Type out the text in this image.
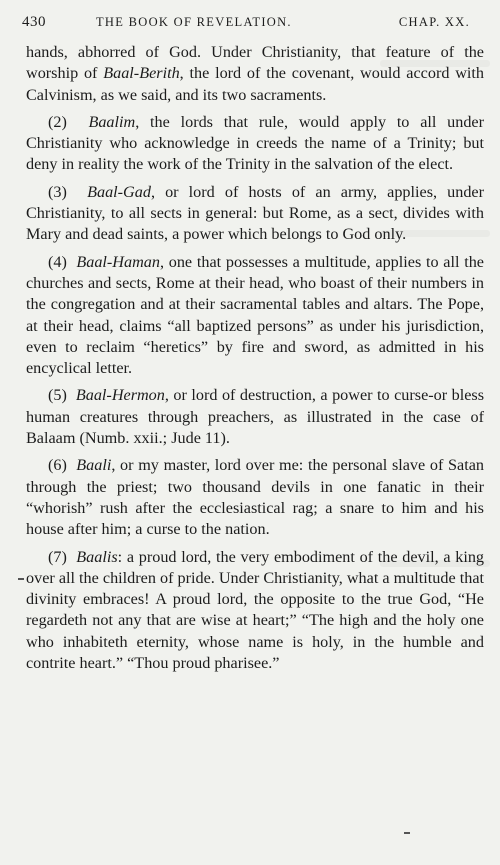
430	THE BOOK OF REVELATION.	CHAP. XX.

hands, abhorred of God. Under Christianity, that feature of the worship of Baal-Berith, the lord of the covenant, would accord with Calvinism, as we said, and its two sacraments.

(2) Baalim, the lords that rule, would apply to all under Christianity who acknowledge in creeds the name of a Trinity; but deny in reality the work of the Trinity in the salvation of the elect.

(3) Baal-Gad, or lord of hosts of an army, applies, under Christianity, to all sects in general: but Rome, as a sect, divides with Mary and dead saints, a power which belongs to God only.

(4) Baal-Haman, one that possesses a multitude, applies to all the churches and sects, Rome at their head, who boast of their numbers in the congregation and at their sacramental tables and altars. The Pope, at their head, claims “all baptized persons” as under his jurisdiction, even to reclaim “heretics” by fire and sword, as admitted in his encyclical letter.

(5) Baal-Hermon, or lord of destruction, a power to curse-or bless human creatures through preachers, as illustrated in the case of Balaam (Numb. xxii.; Jude 11).

(6) Baali, or my master, lord over me: the personal slave of Satan through the priest; two thousand devils in one fanatic in their “whorish” rush after the ecclesiastical rag; a snare to him and his house after him; a curse to the nation.

(7) Baalis: a proud lord, the very embodiment of the devil, a king over all the children of pride. Under Christianity, what a multitude that divinity embraces! A proud lord, the opposite to the true God, “He regardeth not any that are wise at heart;” “The high and the holy one who inhabiteth eternity, whose name is holy, in the humble and contrite heart.” “Thou proud pharisee.”
